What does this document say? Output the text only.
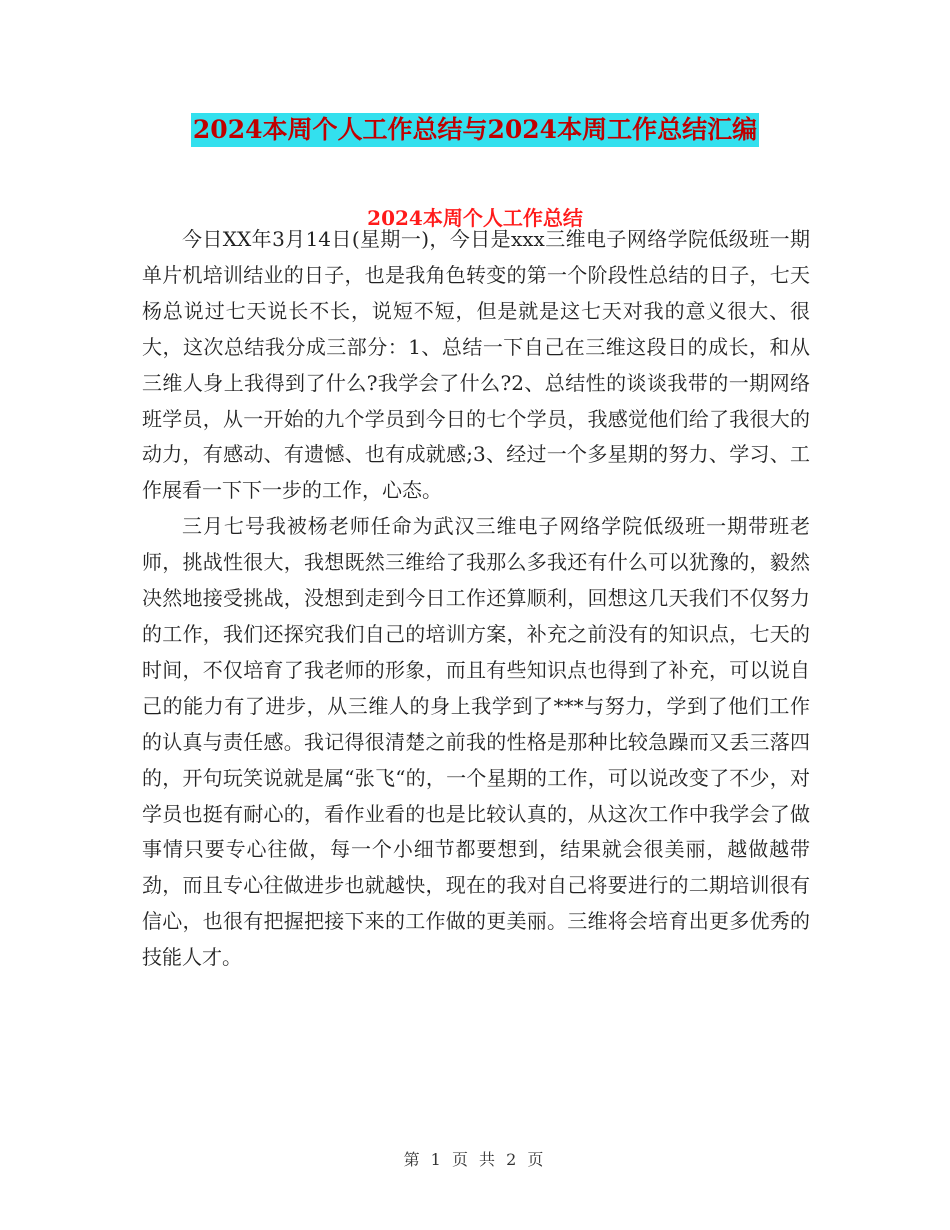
2024本周个人工作总结与2024本周工作总结汇编
2024本周个人工作总结

今日XX年3月14日(星期一)，今日是xxx三维电子网络学院低级班一期单片机培训结业的日子，也是我角色转变的第一个阶段性总结的日子，七天杨总说过七天说长不长，说短不短，但是就是这七天对我的意义很大、很大，这次总结我分成三部分：1、总结一下自己在三维这段日的成长，和从三维人身上我得到了什么?我学会了什么?2、总结性的谈谈我带的一期网络班学员，从一开始的九个学员到今日的七个学员，我感觉他们给了我很大的动力，有感动、有遗憾、也有成就感;3、经过一个多星期的努力、学习、工作展看一下下一步的工作，心态。

三月七号我被杨老师任命为武汉三维电子网络学院低级班一期带班老师，挑战性很大，我想既然三维给了我那么多我还有什么可以犹豫的，毅然决然地接受挑战，没想到走到今日工作还算顺利，回想这几天我们不仅努力的工作，我们还探究我们自己的培训方案，补充之前没有的知识点，七天的时间，不仅培育了我老师的形象，而且有些知识点也得到了补充，可以说自己的能力有了进步，从三维人的身上我学到了***与努力，学到了他们工作的认真与责任感。我记得很清楚之前我的性格是那种比较急躁而又丢三落四的，开句玩笑说就是属“张飞“的，一个星期的工作，可以说改变了不少，对学员也挺有耐心的，看作业看的也是比较认真的，从这次工作中我学会了做事情只要专心往做，每一个小细节都要想到，结果就会很美丽，越做越带劲，而且专心往做进步也就越快，现在的我对自己将要进行的二期培训很有信心，也很有把握把接下来的工作做的更美丽。三维将会培育出更多优秀的技能人才。

第 1 页 共 2 页
